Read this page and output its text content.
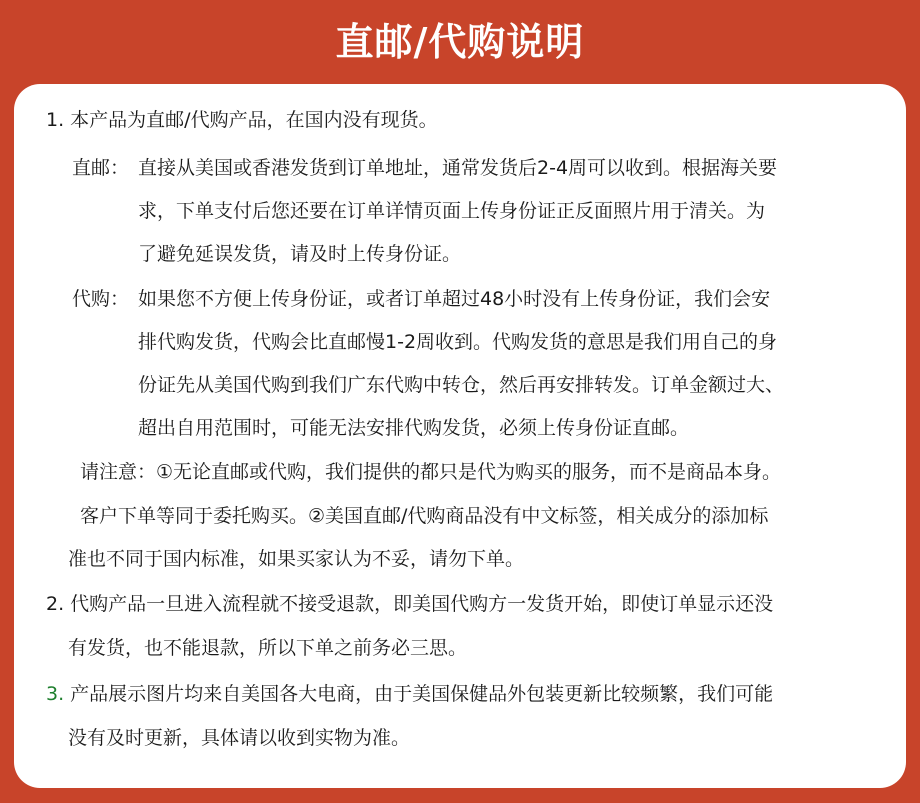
直邮/代购说明
1. 本产品为直邮/代购产品，在国内没有现货。
直邮： 直接从美国或香港发货到订单地址，通常发货后2-4周可以收到。根据海关要
求，下单支付后您还要在订单详情页面上传身份证正反面照片用于清关。为
了避免延误发货，请及时上传身份证。
代购： 如果您不方便上传身份证，或者订单超过48小时没有上传身份证，我们会安
排代购发货，代购会比直邮慢1-2周收到。代购发货的意思是我们用自己的身
份证先从美国代购到我们广东代购中转仓，然后再安排转发。订单金额过大、
超出自用范围时，可能无法安排代购发货，必须上传身份证直邮。
请注意：①无论直邮或代购，我们提供的都只是代为购买的服务，而不是商品本身。
客户下单等同于委托购买。②美国直邮/代购商品没有中文标签，相关成分的添加标
准也不同于国内标准，如果买家认为不妥，请勿下单。
2. 代购产品一旦进入流程就不接受退款，即美国代购方一发货开始，即使订单显示还没
有发货，也不能退款，所以下单之前务必三思。
3. 产品展示图片均来自美国各大电商，由于美国保健品外包装更新比较频繁，我们可能
没有及时更新，具体请以收到实物为准。
